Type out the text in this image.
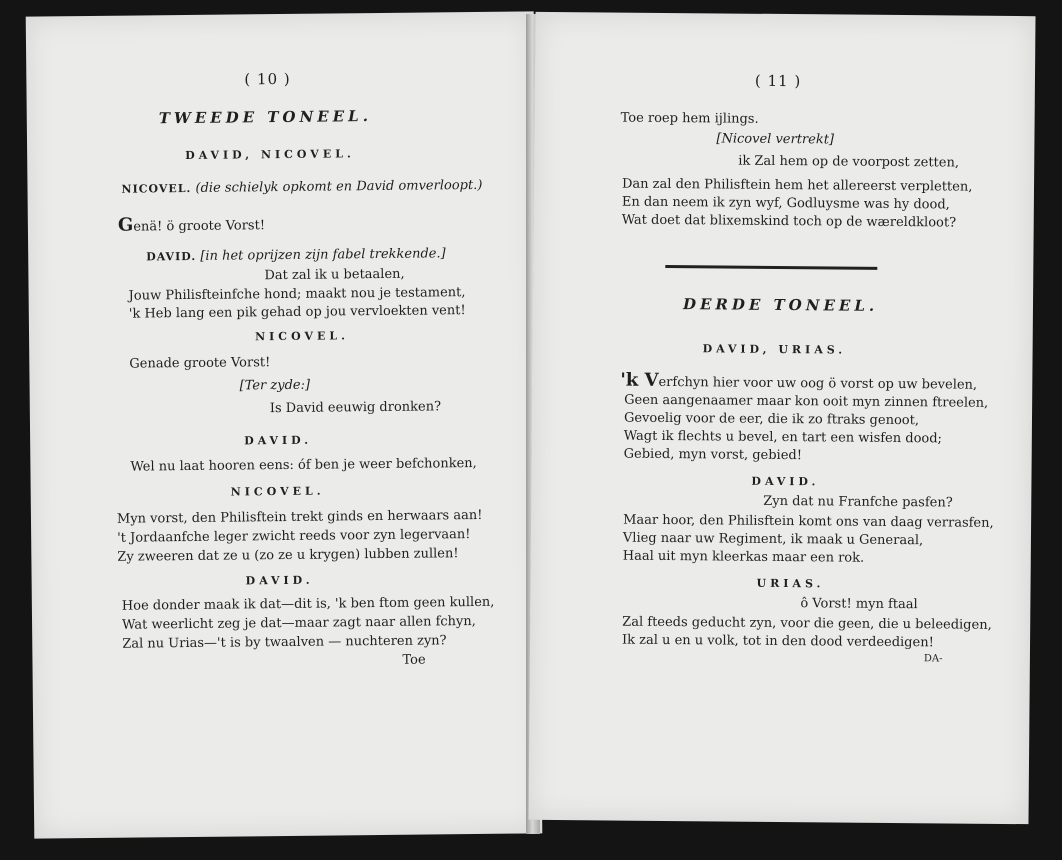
( 10 )
TWEEDE TONEEL.
DAVID, NICOVEL.
NICOVEL. (die schielyk opkomt en David omverloopt.)
Genä! ö groote Vorst!
DAVID. [in het oprijzen zijn fabel trekkende.]
Dat zal ik u betaalen,
Jouw Philisfteinfche hond; maakt nou je testament,
'k Heb lang een pik gehad op jou vervloekten vent!
NICOVEL.
Genade groote Vorst!
[Ter zyde:]
Is David eeuwig dronken?
DAVID.
Wel nu laat hooren eens: óf ben je weer befchonken,
NICOVEL.
Myn vorst, den Philisftein trekt ginds en herwaars aan!
't Jordaanfche leger zwicht reeds voor zyn legervaan!
Zy zweeren dat ze u (zo ze u krygen) lubben zullen!
DAVID.
Hoe donder maak ik dat—dit is, 'k ben ftom geen kullen,
Wat weerlicht zeg je dat—maar zagt naar allen fchyn,
Zal nu Urias—'t is by twaalven — nuchteren zyn?
Toe
( 11 )
Toe roep hem ijlings.
[Nicovel vertrekt]
ik Zal hem op de voorpost zetten,
Dan zal den Philisftein hem het allereerst verpletten,
En dan neem ik zyn wyf, Godluysme was hy dood,
Wat doet dat blixemskind toch op de wæreldkloot?
DERDE TONEEL.
DAVID, URIAS.
'k Verfchyn hier voor uw oog ö vorst op uw bevelen,
Geen aangenaamer maar kon ooit myn zinnen ftreelen,
Gevoelig voor de eer, die ik zo ftraks genoot,
Wagt ik flechts u bevel, en tart een wisfen dood;
Gebied, myn vorst, gebied!
DAVID.
Zyn dat nu Franfche pasfen?
Maar hoor, den Philisftein komt ons van daag verrasfen,
Vlieg naar uw Regiment, ik maak u Generaal,
Haal uit myn kleerkas maar een rok.
URIAS.
ô Vorst! myn ftaal
Zal fteeds geducht zyn, voor die geen, die u beleedigen,
Ik zal u en u volk, tot in den dood verdeedigen!
DA-
